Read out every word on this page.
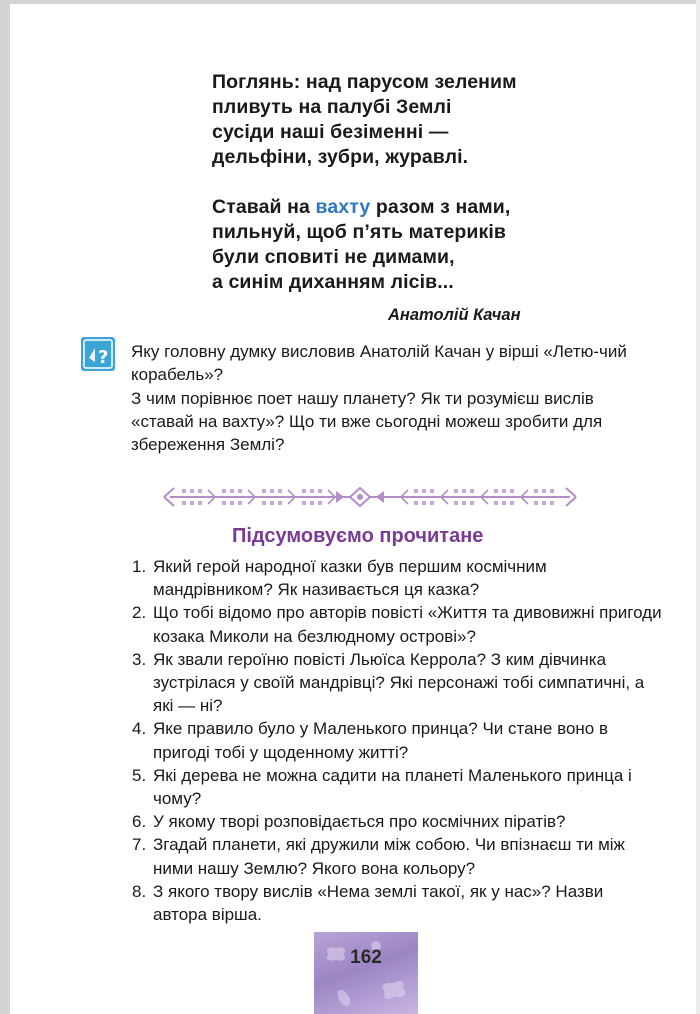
Поглянь: над парусом зеленим
пливуть на палубі Землі
сусіди наші безіменні —
дельфіни, зубри, журавлі.
Ставай на вахту разом з нами,
пильнуй, щоб п’ять материків
були сповиті не димами,
а синім диханням лісів...
Анатолій Качан
? Яку головну думку висловив Анатолій Качан у вірші «Летю-чий корабель»?

З чим порівнює поет нашу планету? Як ти розумієш вислів «ставай на вахту»? Що ти вже сьогодні можеш зробити для збереження Землі?

Підсумовуємо прочитане
1. Який герой народної казки був першим космічним мандрівником? Як називається ця казка?
2. Що тобі відомо про авторів повісті «Життя та дивовижні пригоди козака Миколи на безлюдному острові»?
3. Як звали героїню повісті Льюїса Керрола? З ким дівчинка зустрілася у своїй мандрівці? Які персонажі тобі симпатичні, а які — ні?
4. Яке правило було у Маленького принца? Чи стане воно в пригоді тобі у щоденному житті?
5. Які дерева не можна садити на планеті Маленького принца і чому?
6. У якому творі розповідається про космічних піратів?
7. Згадай планети, які дружили між собою. Чи впізнаєш ти між ними нашу Землю? Якого вона кольору?
8. З якого твору вислів «Нема землі такої, як у нас»? Назви автора вірша.
162
